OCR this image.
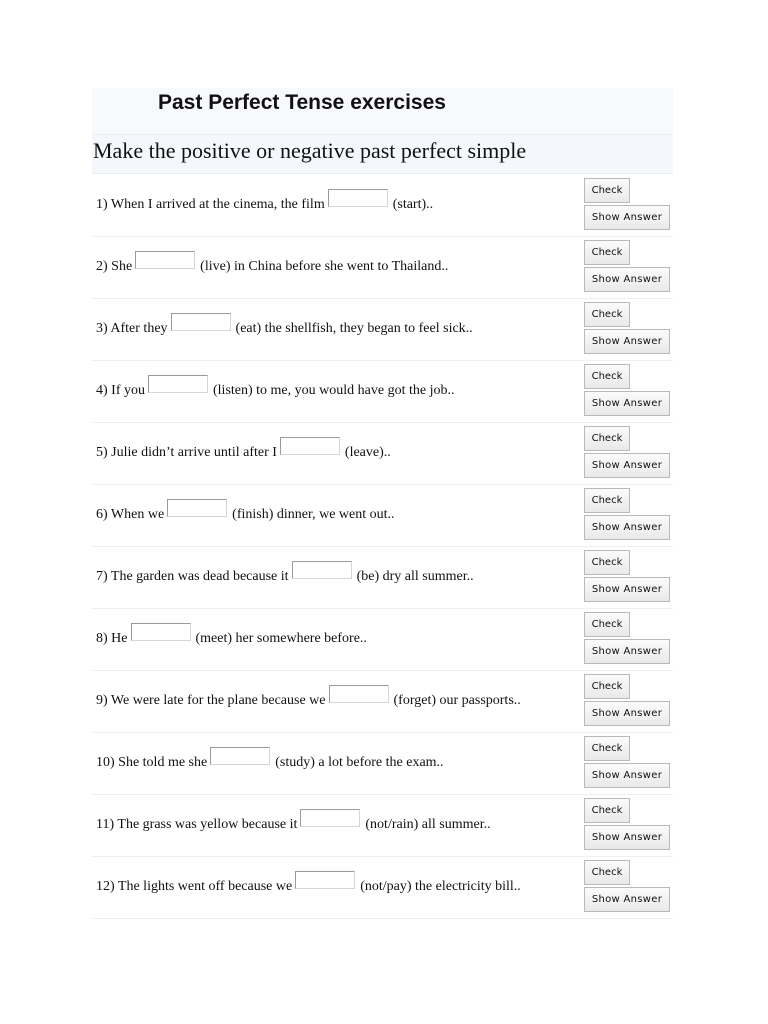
Past Perfect Tense exercises
Make the positive or negative past perfect simple
1) When I arrived at the cinema, the film	(start)..
Check
Show Answer
2) She	(live) in China before she went to Thailand..
Check
Show Answer
3) After they	(eat) the shellfish, they began to feel sick..
Check
Show Answer
4) If you	(listen) to me, you would have got the job..
Check
Show Answer
5) Julie didn’t arrive until after I	(leave)..
Check
Show Answer
6) When we	(finish) dinner, we went out..
Check
Show Answer
7) The garden was dead because it	(be) dry all summer..
Check
Show Answer
8) He	(meet) her somewhere before..
Check
Show Answer
9) We were late for the plane because we	(forget) our passports..
Check
Show Answer
10) She told me she	(study) a lot before the exam..
Check
Show Answer
11) The grass was yellow because it	(not/rain) all summer..
Check
Show Answer
12) The lights went off because we	(not/pay) the electricity bill..
Check
Show Answer
